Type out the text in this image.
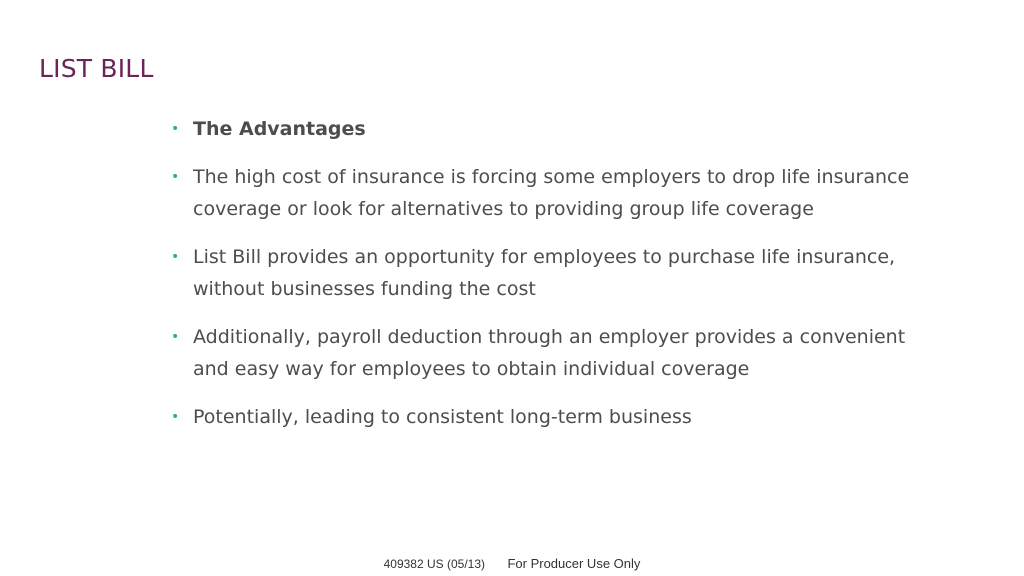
LIST BILL
• The Advantages
• The high cost of insurance is forcing some employers to drop life insurance coverage or look for alternatives to providing group life coverage
• List Bill provides an opportunity for employees to purchase life insurance, without businesses funding the cost
• Additionally, payroll deduction through an employer provides a convenient and easy way for employees to obtain individual coverage
• Potentially, leading to consistent long-term business
409382 US (05/13) For Producer Use Only
